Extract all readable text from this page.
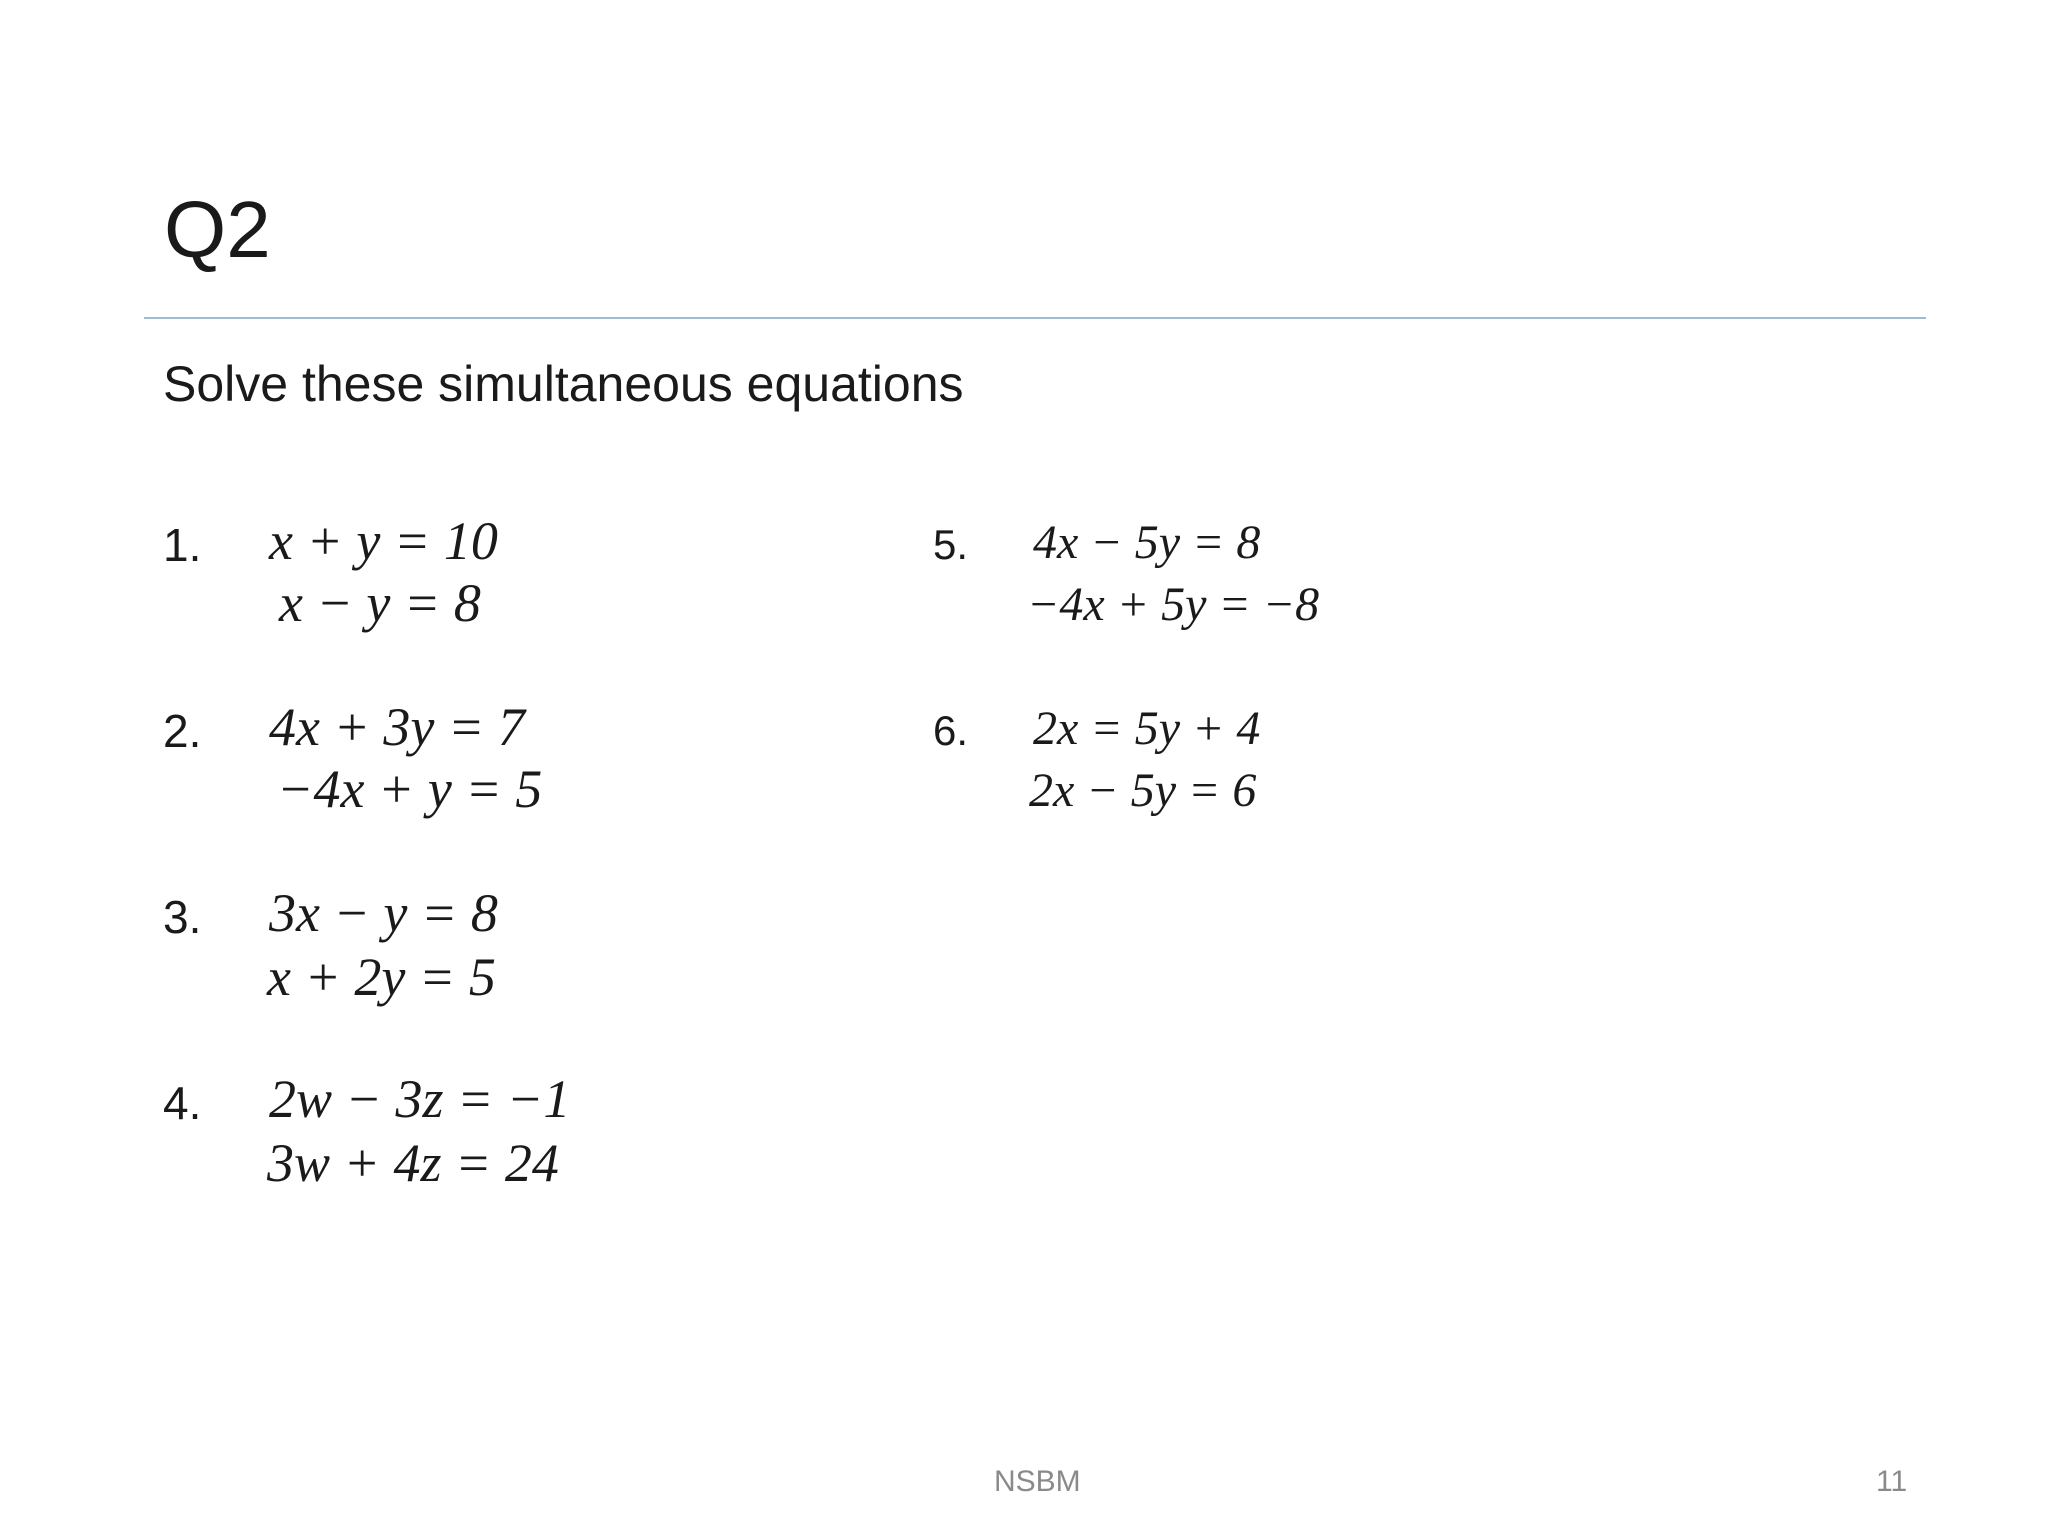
Q2
Solve these simultaneous equations
1. x + y = 10
x − y = 8
2. 4x + 3y = 7
−4x + y = 5
3. 3x − y = 8
x + 2y = 5
4. 2w − 3z = −1
3w + 4z = 24
5. 4x − 5y = 8
−4x + 5y = −8
6. 2x = 5y + 4
2x − 5y = 6
NSBM	11
